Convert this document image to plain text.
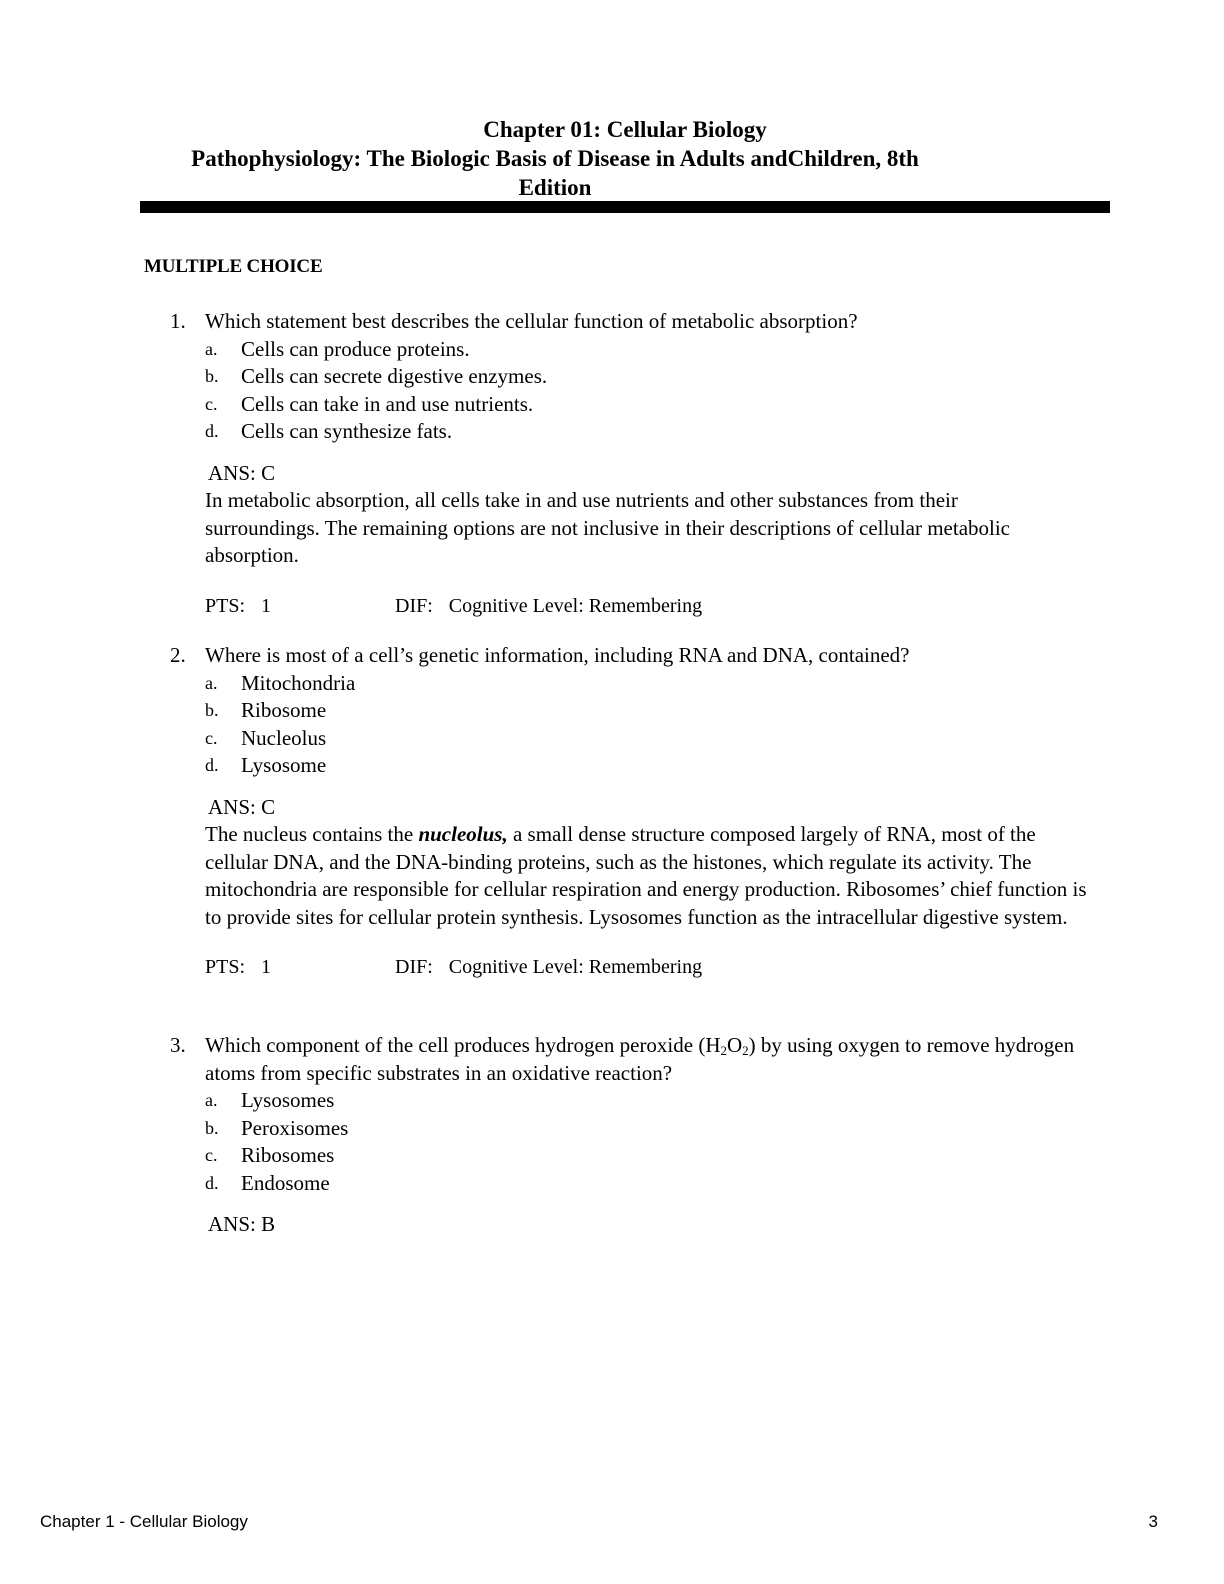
Chapter 01: Cellular Biology
Pathophysiology: The Biologic Basis of Disease in Adults andChildren, 8th Edition
MULTIPLE CHOICE
1. Which statement best describes the cellular function of metabolic absorption?
a.	Cells can produce proteins.
b.	Cells can secrete digestive enzymes.
c.	Cells can take in and use nutrients.
d.	Cells can synthesize fats.
ANS: C
In metabolic absorption, all cells take in and use nutrients and other substances from their surroundings. The remaining options are not inclusive in their descriptions of cellular metabolic absorption.
PTS: 1	DIF: Cognitive Level: Remembering
2. Where is most of a cell’s genetic information, including RNA and DNA, contained?
a.	Mitochondria
b.	Ribosome
c.	Nucleolus
d.	Lysosome
ANS: C
The nucleus contains the nucleolus, a small dense structure composed largely of RNA, most of the cellular DNA, and the DNA-binding proteins, such as the histones, which regulate its activity. The mitochondria are responsible for cellular respiration and energy production. Ribosomes’ chief function is to provide sites for cellular protein synthesis. Lysosomes function as the intracellular digestive system.
PTS: 1	DIF: Cognitive Level: Remembering
3. Which component of the cell produces hydrogen peroxide $(H_2O_2)$ by using oxygen to remove hydrogen atoms from specific substrates in an oxidative reaction?
a.	Lysosomes
b.	Peroxisomes
c.	Ribosomes
d.	Endosome
ANS: B
Chapter 1 - Cellular Biology	3
